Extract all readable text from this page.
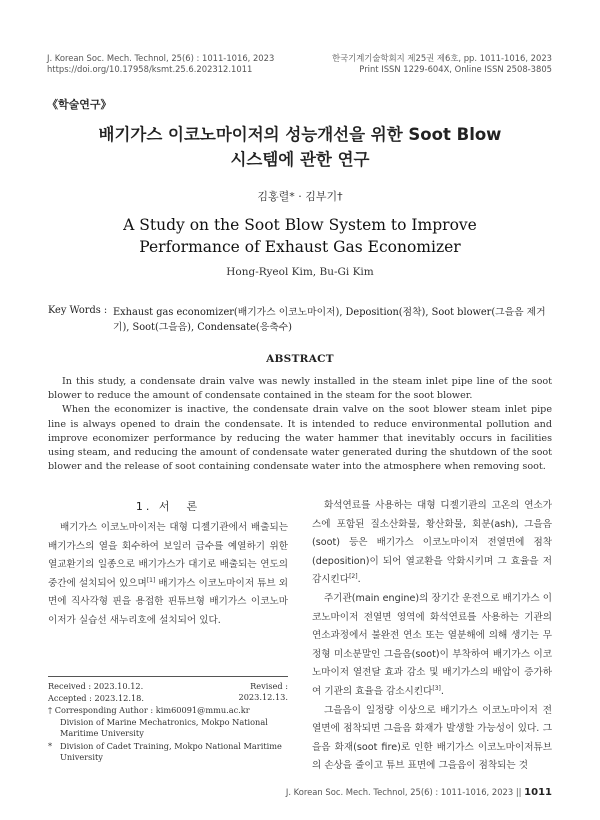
J. Korean Soc. Mech. Technol, 25(6) : 1011-1016, 2023
https://doi.org/10.17958/ksmt.25.6.202312.1011
한국기계기술학회지 제25권 제6호, pp. 1011-1016, 2023
Print ISSN 1229-604X, Online ISSN 2508-3805
《학술연구》
배기가스 이코노마이저의 성능개선을 위한 Soot Blow
시스템에 관한 연구
김홍렬* · 김부기†
A Study on the Soot Blow System to Improve
Performance of Exhaust Gas Economizer
Hong-Ryeol Kim, Bu-Gi Kim
Key Words : Exhaust gas economizer(배기가스 이코노마이저), Deposition(점착), Soot blower(그을음 제거기), Soot(그을음), Condensate(응축수)
ABSTRACT

In this study, a condensate drain valve was newly installed in the steam inlet pipe line of the soot blower to reduce the amount of condensate contained in the steam for the soot blower.

When the economizer is inactive, the condensate drain valve on the soot blower steam inlet pipe line is always opened to drain the condensate. It is intended to reduce environmental pollution and improve economizer performance by reducing the water hammer that inevitably occurs in facilities using steam, and reducing the amount of condensate water generated during the shutdown of the soot blower and the release of soot containing condensate water into the atmosphere when removing soot.

1. 서　론

배기가스 이코노마이저는 대형 디젤기관에서 배출되는 배기가스의 열을 회수하여 보일러 급수를 예열하기 위한 열교환기의 일종으로 배기가스가 대기로 배출되는 연도의 중간에 설치되어 있으며[1] 배기가스 이코노마이저 튜브 외면에 직사각형 핀을 용접한 핀튜브형 배기가스 이코노마이저가 실습선 새누리호에 설치되어 있다.

Received : 2023.10.12.	Revised : 2023.12.13.
Accepted : 2023.12.18.
† Corresponding Author : kim60091@mmu.ac.kr
Division of Marine Mechatronics, Mokpo National Maritime University
* Division of Cadet Training, Mokpo National Maritime University

화석연료를 사용하는 대형 디젤기관의 고온의 연소가스에 포함된 질소산화물, 황산화물, 회분(ash), 그을음(soot) 등은 배기가스 이코노마이저 전열면에 점착(deposition)이 되어 열교환을 악화시키며 그 효율을 저감시킨다[2].

주기관(main engine)의 장기간 운전으로 배기가스 이코노마이저 전열면 영역에 화석연료를 사용하는 기관의 연소과정에서 불완전 연소 또는 열분해에 의해 생기는 무정형 미소분말인 그을음(soot)이 부착하여 배기가스 이코노마이저 열전달 효과 감소 및 배기가스의 배압이 증가하여 기관의 효율을 감소시킨다[3].

그을음이 일정량 이상으로 배기가스 이코노마이저 전열면에 점착되면 그을음 화재가 발생할 가능성이 있다. 그을음 화재(soot fire)로 인한 배기가스 이코노마이저튜브의 손상을 줄이고 튜브 표면에 그을음이 점착되는 것

J. Korean Soc. Mech. Technol, 25(6) : 1011-1016, 2023 || 1011
